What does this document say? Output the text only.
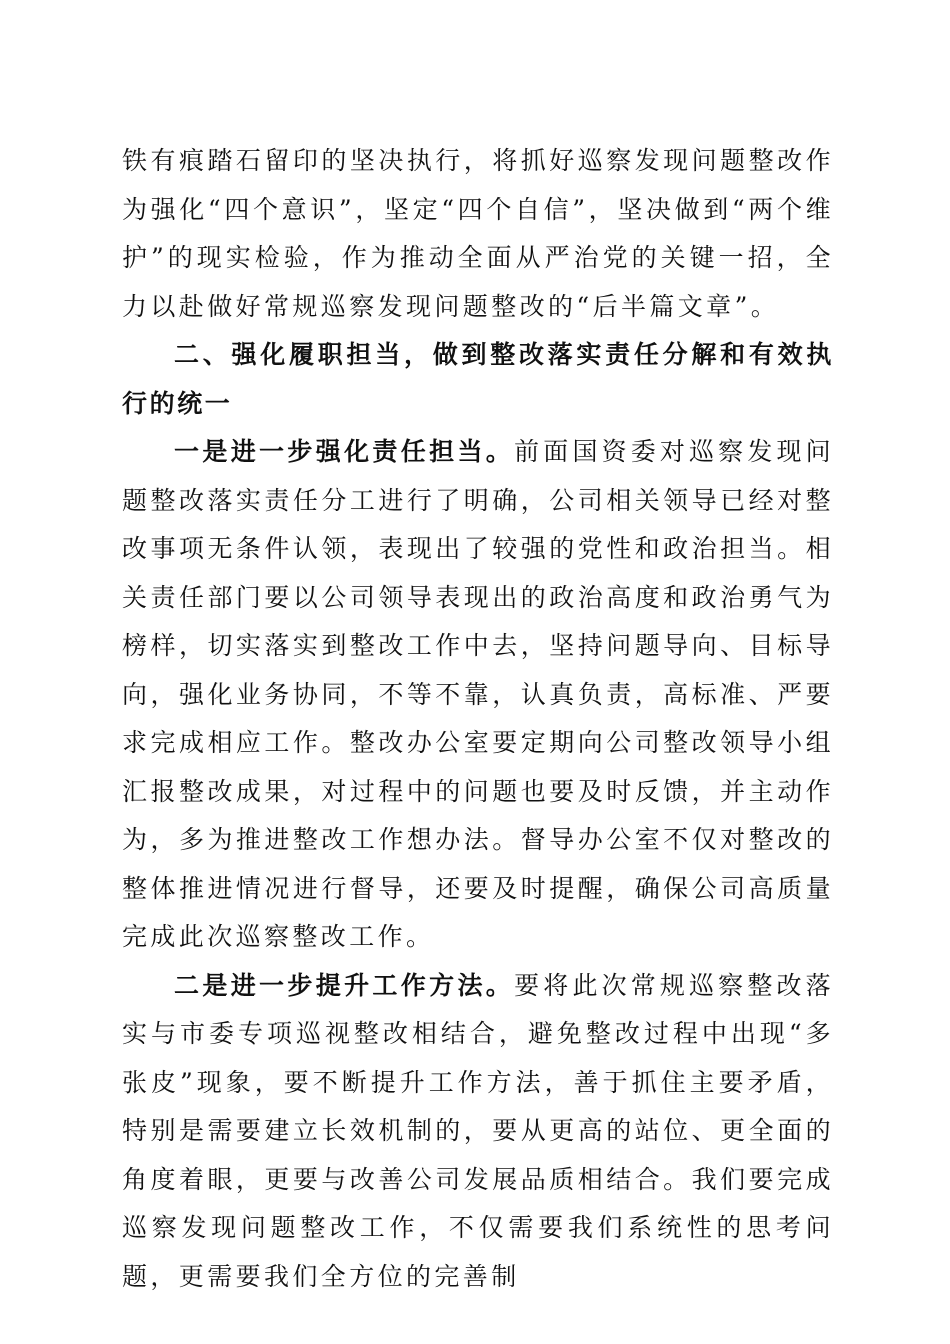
铁有痕踏石留印的坚决执行，将抓好巡察发现问题整改作为强化“四个意识”，坚定“四个自信”，坚决做到“两个维护”的现实检验，作为推动全面从严治党的关键一招，全力以赴做好常规巡察发现问题整改的“后半篇文章”。

二、强化履职担当，做到整改落实责任分解和有效执行的统一

一是进一步强化责任担当。前面国资委对巡察发现问题整改落实责任分工进行了明确，公司相关领导已经对整改事项无条件认领，表现出了较强的党性和政治担当。相关责任部门要以公司领导表现出的政治高度和政治勇气为榜样，切实落实到整改工作中去，坚持问题导向、目标导向，强化业务协同，不等不靠，认真负责，高标准、严要求完成相应工作。整改办公室要定期向公司整改领导小组汇报整改成果，对过程中的问题也要及时反馈，并主动作为，多为推进整改工作想办法。督导办公室不仅对整改的整体推进情况进行督导，还要及时提醒，确保公司高质量完成此次巡察整改工作。

二是进一步提升工作方法。要将此次常规巡察整改落实与市委专项巡视整改相结合，避免整改过程中出现“多张皮”现象，要不断提升工作方法，善于抓住主要矛盾，特别是需要建立长效机制的，要从更高的站位、更全面的角度着眼，更要与改善公司发展品质相结合。我们要完成巡察发现问题整改工作，不仅需要我们系统性的思考问题，更需要我们全方位的完善制
